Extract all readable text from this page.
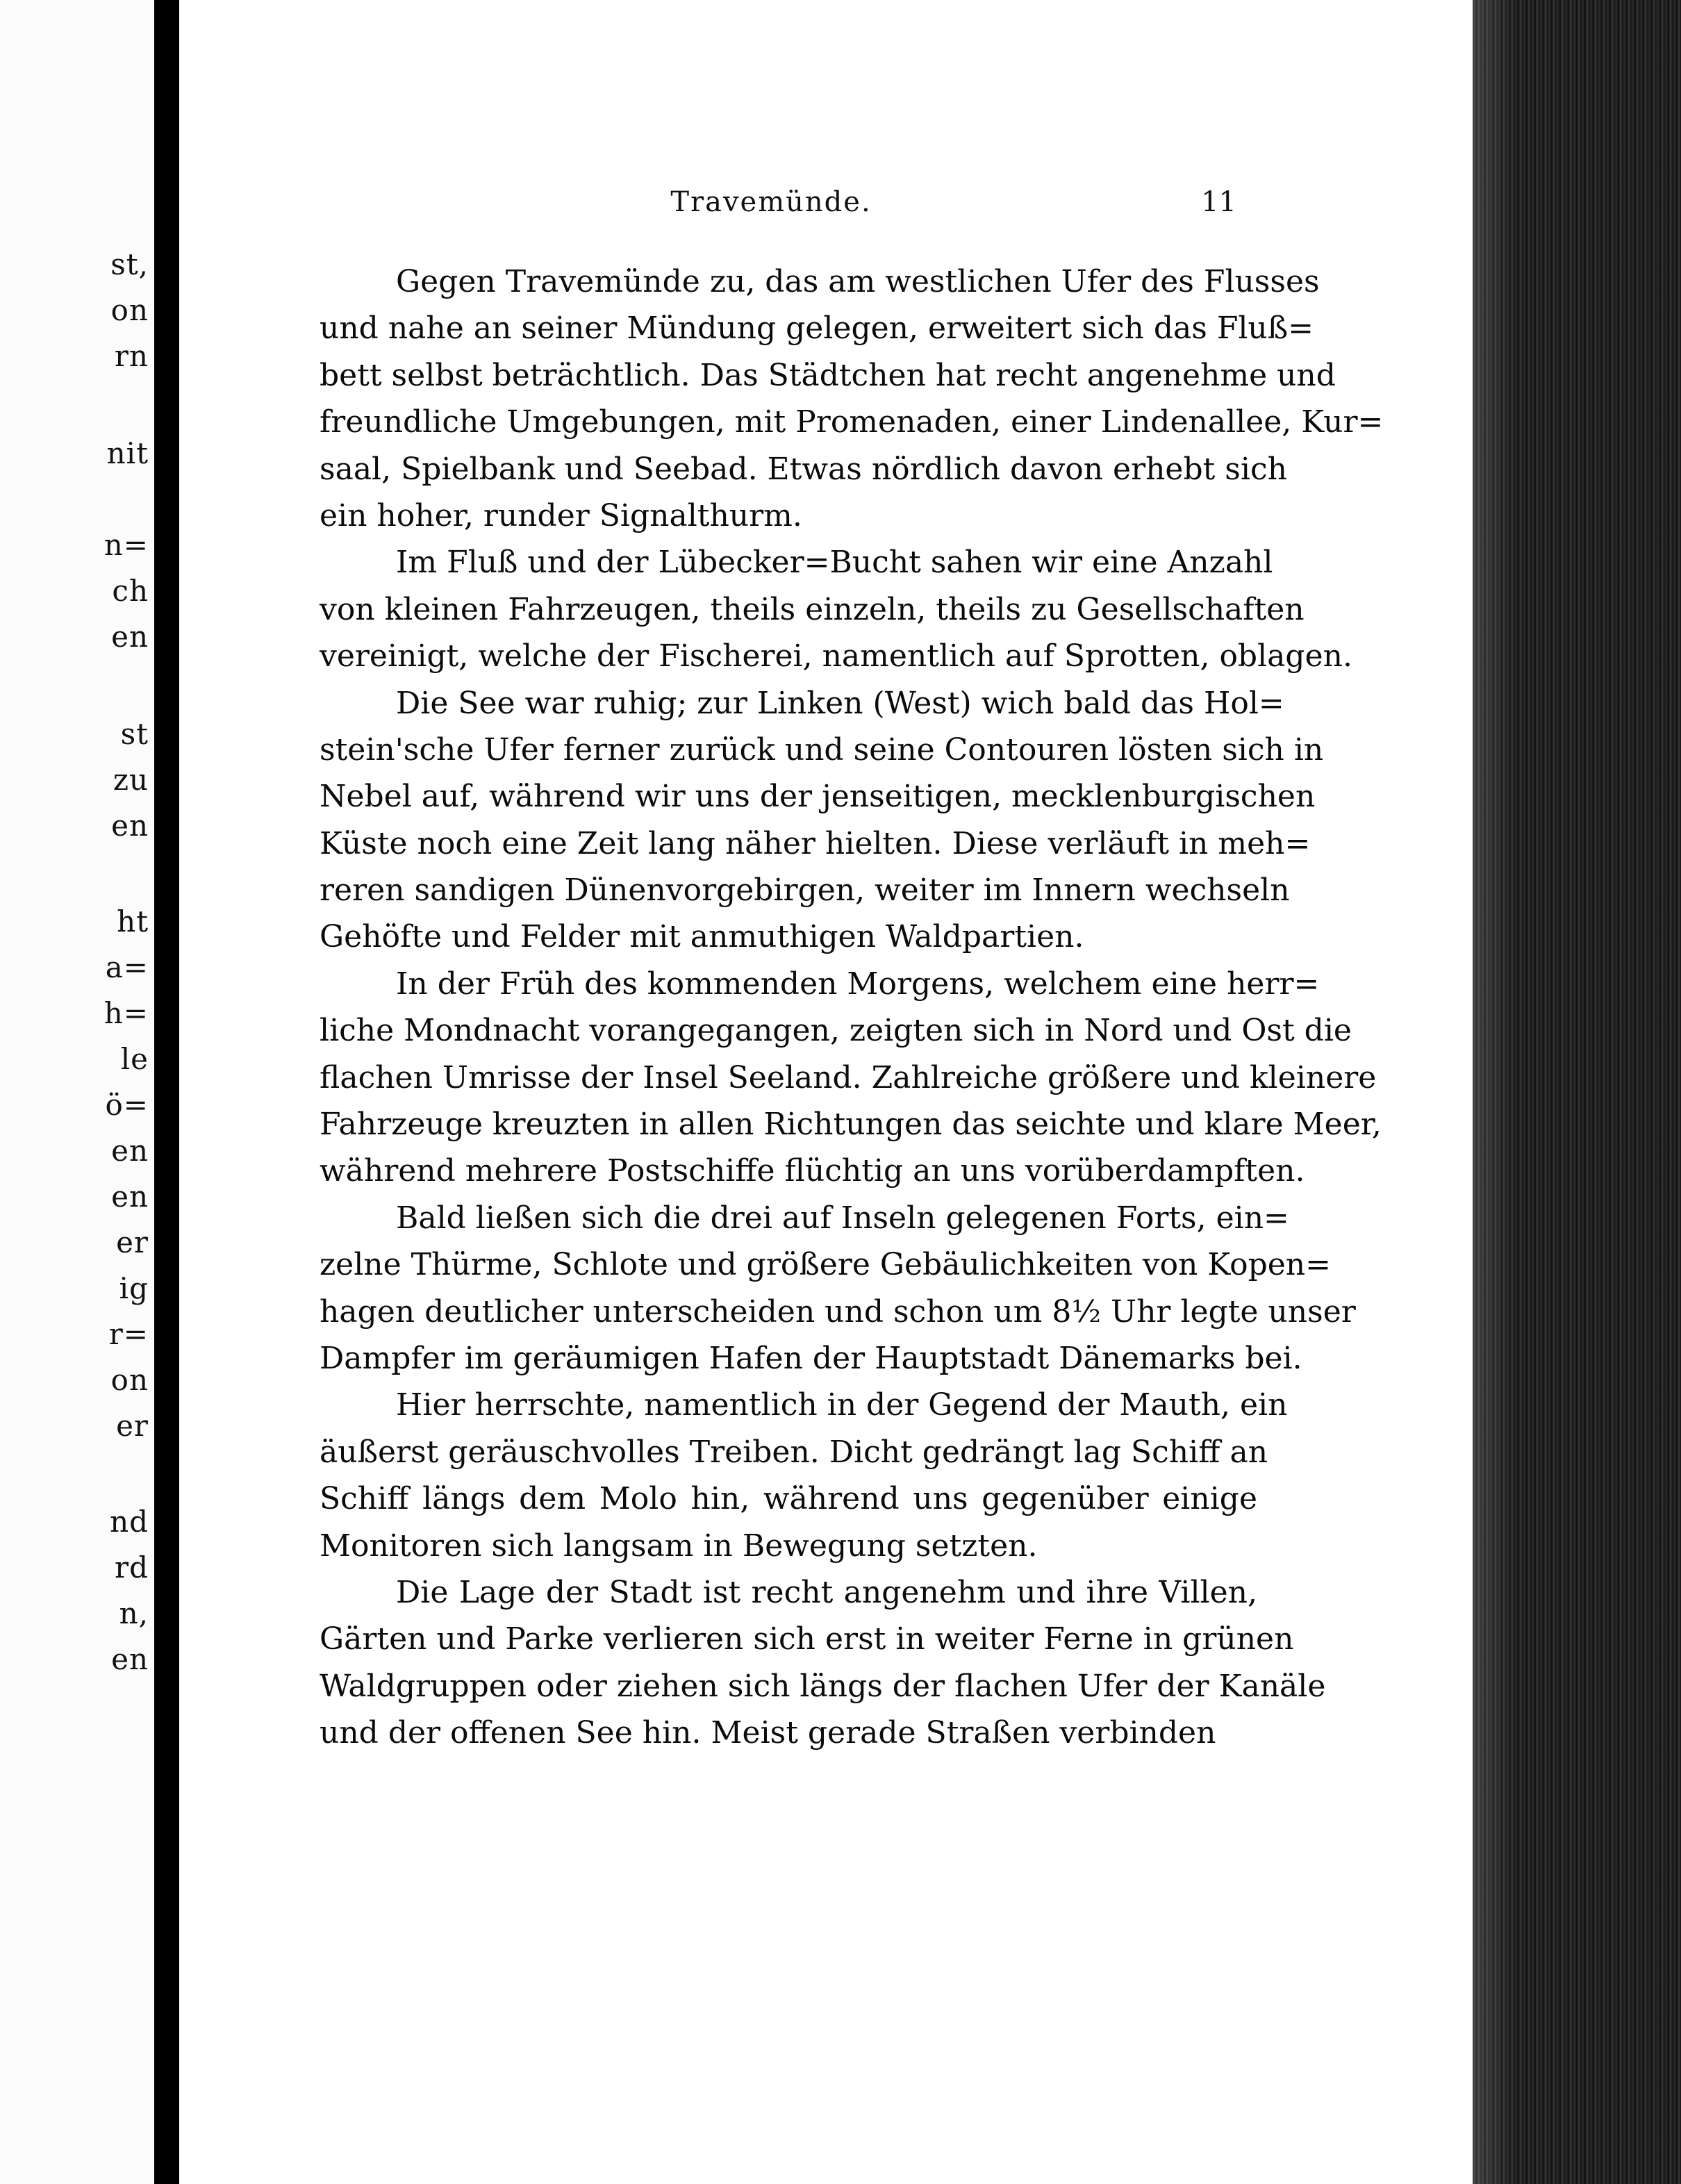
st,
on
rn
nit
n=
ch
en
st
zu
en
ht
a=
h=
le
ö=
en
en
er
ig
r=
on
er
nd
rd
n,
en
Travemünde.	11
Gegen Travemünde zu, das am westlichen Ufer des Flusses
und nahe an seiner Mündung gelegen, erweitert sich das Fluß=
bett selbst beträchtlich. Das Städtchen hat recht angenehme und
freundliche Umgebungen, mit Promenaden, einer Lindenallee, Kur=
saal, Spielbank und Seebad. Etwas nördlich davon erhebt sich
ein hoher, runder Signalthurm.
Im Fluß und der Lübecker=Bucht sahen wir eine Anzahl
von kleinen Fahrzeugen, theils einzeln, theils zu Gesellschaften
vereinigt, welche der Fischerei, namentlich auf Sprotten, oblagen.
Die See war ruhig; zur Linken (West) wich bald das Hol=
stein'sche Ufer ferner zurück und seine Contouren lösten sich in
Nebel auf, während wir uns der jenseitigen, mecklenburgischen
Küste noch eine Zeit lang näher hielten. Diese verläuft in meh=
reren sandigen Dünenvorgebirgen, weiter im Innern wechseln
Gehöfte und Felder mit anmuthigen Waldpartien.
In der Früh des kommenden Morgens, welchem eine herr=
liche Mondnacht vorangegangen, zeigten sich in Nord und Ost die
flachen Umrisse der Insel Seeland. Zahlreiche größere und kleinere
Fahrzeuge kreuzten in allen Richtungen das seichte und klare Meer,
während mehrere Postschiffe flüchtig an uns vorüberdampften.
Bald ließen sich die drei auf Inseln gelegenen Forts, ein=
zelne Thürme, Schlote und größere Gebäulichkeiten von Kopen=
hagen deutlicher unterscheiden und schon um 8½ Uhr legte unser
Dampfer im geräumigen Hafen der Hauptstadt Dänemarks bei.
Hier herrschte, namentlich in der Gegend der Mauth, ein
äußerst geräuschvolles Treiben. Dicht gedrängt lag Schiff an
Schiff längs dem Molo hin, während uns gegenüber einige
Monitoren sich langsam in Bewegung setzten.
Die Lage der Stadt ist recht angenehm und ihre Villen,
Gärten und Parke verlieren sich erst in weiter Ferne in grünen
Waldgruppen oder ziehen sich längs der flachen Ufer der Kanäle
und der offenen See hin. Meist gerade Straßen verbinden
